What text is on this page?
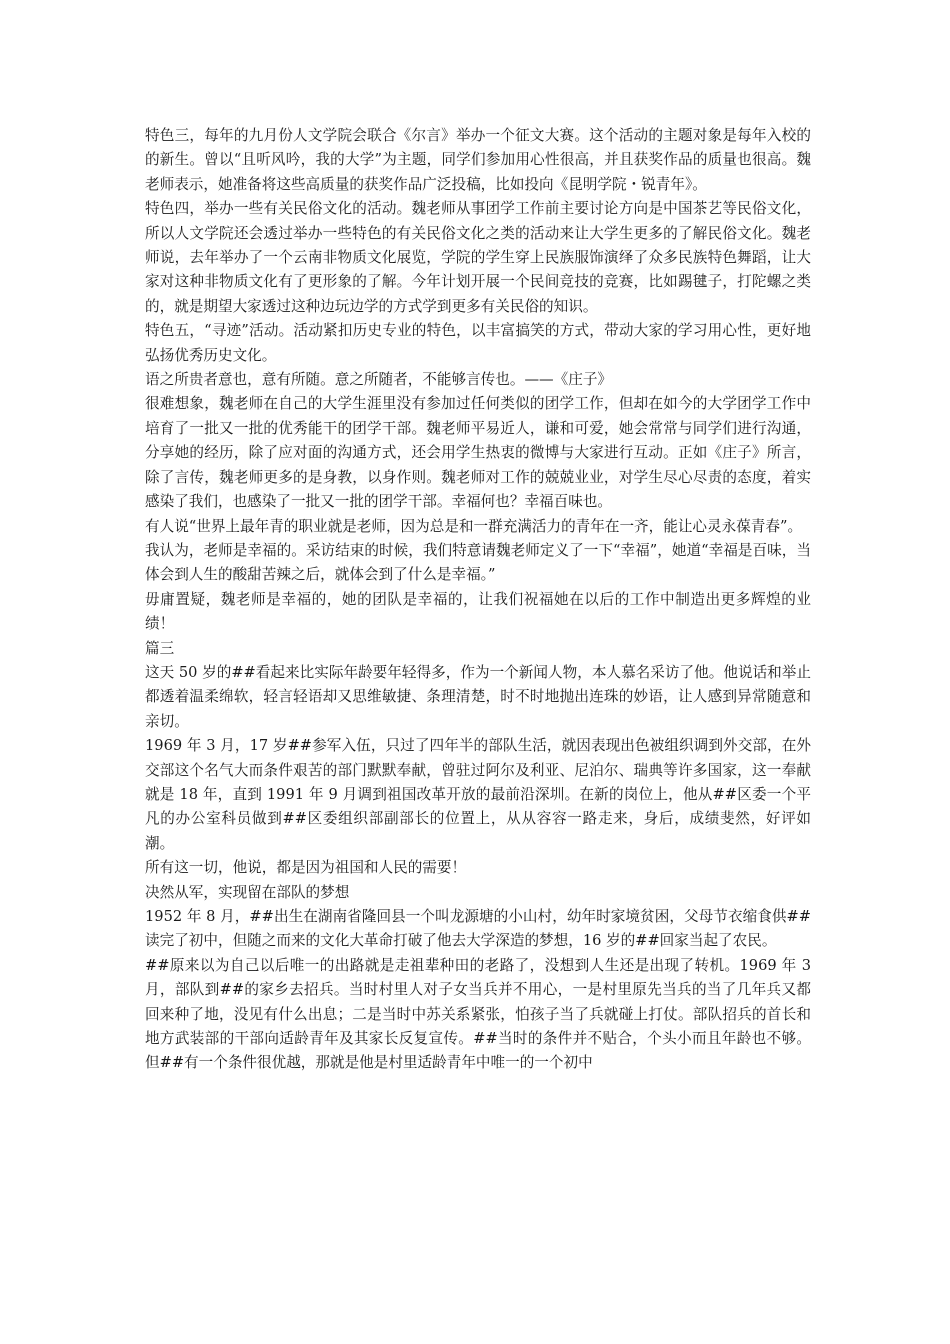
特色三，每年的九月份人文学院会联合《尔言》举办一个征文大赛。这个活动的主题对象是每年入校的的新生。曾以“且听风吟，我的大学”为主题，同学们参加用心性很高，并且获奖作品的质量也很高。魏老师表示，她准备将这些高质量的获奖作品广泛投稿，比如投向《昆明学院・锐青年》。

特色四，举办一些有关民俗文化的活动。魏老师从事团学工作前主要讨论方向是中国茶艺等民俗文化，所以人文学院还会透过举办一些特色的有关民俗文化之类的活动来让大学生更多的了解民俗文化。魏老师说，去年举办了一个云南非物质文化展览，学院的学生穿上民族服饰演绎了众多民族特色舞蹈，让大家对这种非物质文化有了更形象的了解。今年计划开展一个民间竞技的竞赛，比如踢毽子，打陀螺之类的，就是期望大家透过这种边玩边学的方式学到更多有关民俗的知识。

特色五，“寻迹”活动。活动紧扣历史专业的特色，以丰富搞笑的方式，带动大家的学习用心性，更好地弘扬优秀历史文化。

语之所贵者意也，意有所随。意之所随者，不能够言传也。——《庄子》

很难想象，魏老师在自己的大学生涯里没有参加过任何类似的团学工作，但却在如今的大学团学工作中培育了一批又一批的优秀能干的团学干部。魏老师平易近人，谦和可爱，她会常常与同学们进行沟通，分享她的经历，除了应对面的沟通方式，还会用学生热衷的微博与大家进行互动。正如《庄子》所言，除了言传，魏老师更多的是身教，以身作则。魏老师对工作的兢兢业业，对学生尽心尽责的态度，着实感染了我们，也感染了一批又一批的团学干部。幸福何也？幸福百味也。

有人说“世界上最年青的职业就是老师，因为总是和一群充满活力的青年在一齐，能让心灵永葆青春”。

我认为，老师是幸福的。采访结束的时候，我们特意请魏老师定义了一下“幸福”，她道“幸福是百味，当体会到人生的酸甜苦辣之后，就体会到了什么是幸福。”

毋庸置疑，魏老师是幸福的，她的团队是幸福的，让我们祝福她在以后的工作中制造出更多辉煌的业绩！

篇三

这天 50 岁的##看起来比实际年龄要年轻得多，作为一个新闻人物，本人慕名采访了他。他说话和举止都透着温柔绵软，轻言轻语却又思维敏捷、条理清楚，时不时地抛出连珠的妙语，让人感到异常随意和亲切。

1969 年 3 月，17 岁##参军入伍，只过了四年半的部队生活，就因表现出色被组织调到外交部，在外交部这个名气大而条件艰苦的部门默默奉献，曾驻过阿尔及利亚、尼泊尔、瑞典等许多国家，这一奉献就是 18 年，直到 1991 年 9 月调到祖国改革开放的最前沿深圳。在新的岗位上，他从##区委一个平凡的办公室科员做到##区委组织部副部长的位置上，从从容容一路走来，身后，成绩斐然，好评如潮。

所有这一切，他说，都是因为祖国和人民的需要！

决然从军，实现留在部队的梦想

1952 年 8 月，##出生在湖南省隆回县一个叫龙源塘的小山村，幼年时家境贫困，父母节衣缩食供##读完了初中，但随之而来的文化大革命打破了他去大学深造的梦想，16 岁的##回家当起了农民。

##原来以为自己以后唯一的出路就是走祖辈种田的老路了，没想到人生还是出现了转机。1969 年 3 月，部队到##的家乡去招兵。当时村里人对子女当兵并不用心，一是村里原先当兵的当了几年兵又都回来种了地，没见有什么出息；二是当时中苏关系紧张，怕孩子当了兵就碰上打仗。部队招兵的首长和地方武装部的干部向适龄青年及其家长反复宣传。##当时的条件并不贴合，个头小而且年龄也不够。但##有一个条件很优越，那就是他是村里适龄青年中唯一的一个初中
